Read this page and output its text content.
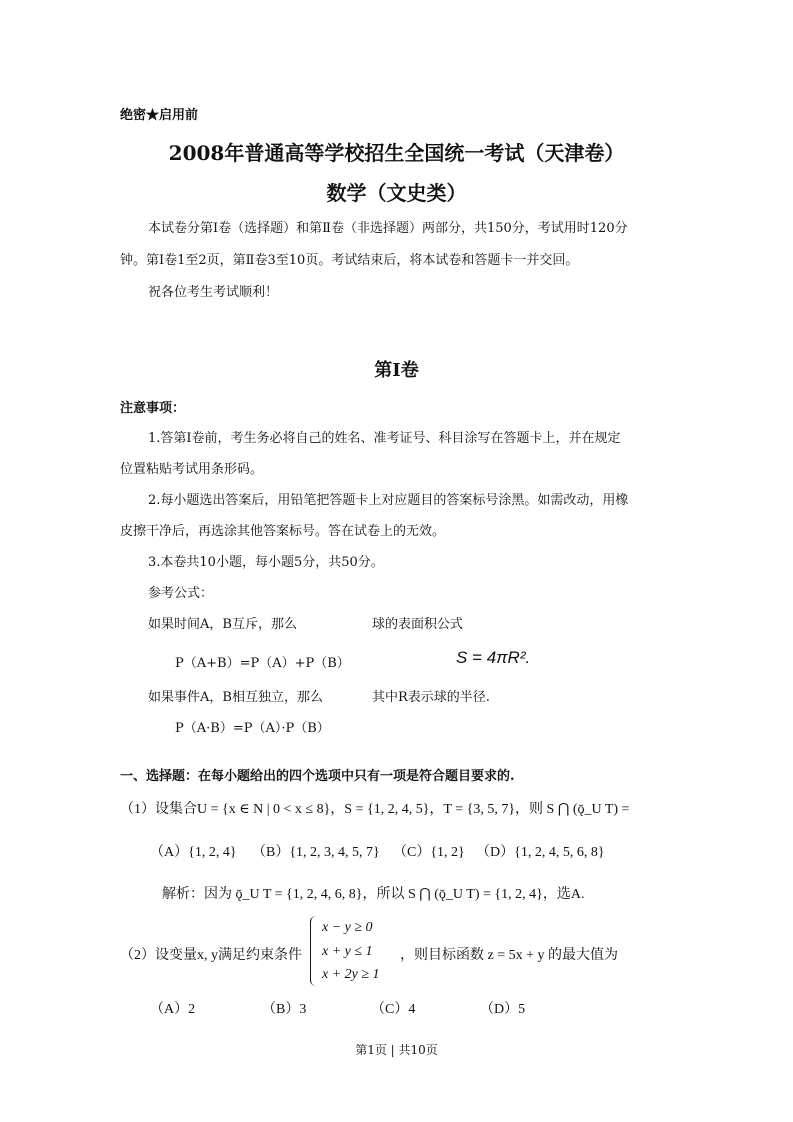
绝密★启用前
2008年普通高等学校招生全国统一考试（天津卷）
数学（文史类）
本试卷分第Ⅰ卷（选择题）和第Ⅱ卷（非选择题）两部分，共150分，考试用时120分
钟。第Ⅰ卷1至2页，第Ⅱ卷3至10页。考试结束后，将本试卷和答题卡一并交回。
祝各位考生考试顺利！
第Ⅰ卷
注意事项：
1.答第Ⅰ卷前，考生务必将自己的姓名、准考证号、科目涂写在答题卡上，并在规定
位置粘贴考试用条形码。
2.每小题选出答案后，用铅笔把答题卡上对应题目的答案标号涂黑。如需改动，用橡
皮擦干净后，再选涂其他答案标号。答在试卷上的无效。
3.本卷共10小题，每小题5分，共50分。
参考公式：
如果时间A，B互斥，那么	球的表面积公式
P（A+B）=P（A）+P（B）	S = 4πR².
如果事件A，B相互独立，那么	其中R表示球的半径.
P（A·B）=P（A）·P（B）
一、选择题：在每小题给出的四个选项中只有一项是符合题目要求的.
（1）设集合U = {x ∈ N | 0 < x ≤ 8}，S = {1, 2, 4, 5}，T = {3, 5, 7}，则 S ⋂ (ǭ_U T) =
（A）{1, 2, 4} （B）{1, 2, 3, 4, 5, 7} （C）{1, 2} （D）{1, 2, 4, 5, 6, 8}
解析：因为 ǭ_U T = {1, 2, 4, 6, 8}，所以 S ⋂ (ǭ_U T) = {1, 2, 4}，选A.
（2）设变量x, y满足约束条件
x − y ≥ 0
x + y ≤ 1
x + 2y ≥ 1
，则目标函数 z = 5x + y 的最大值为
（A）2	（B）3	（C）4	（D）5
第1页 | 共10页
